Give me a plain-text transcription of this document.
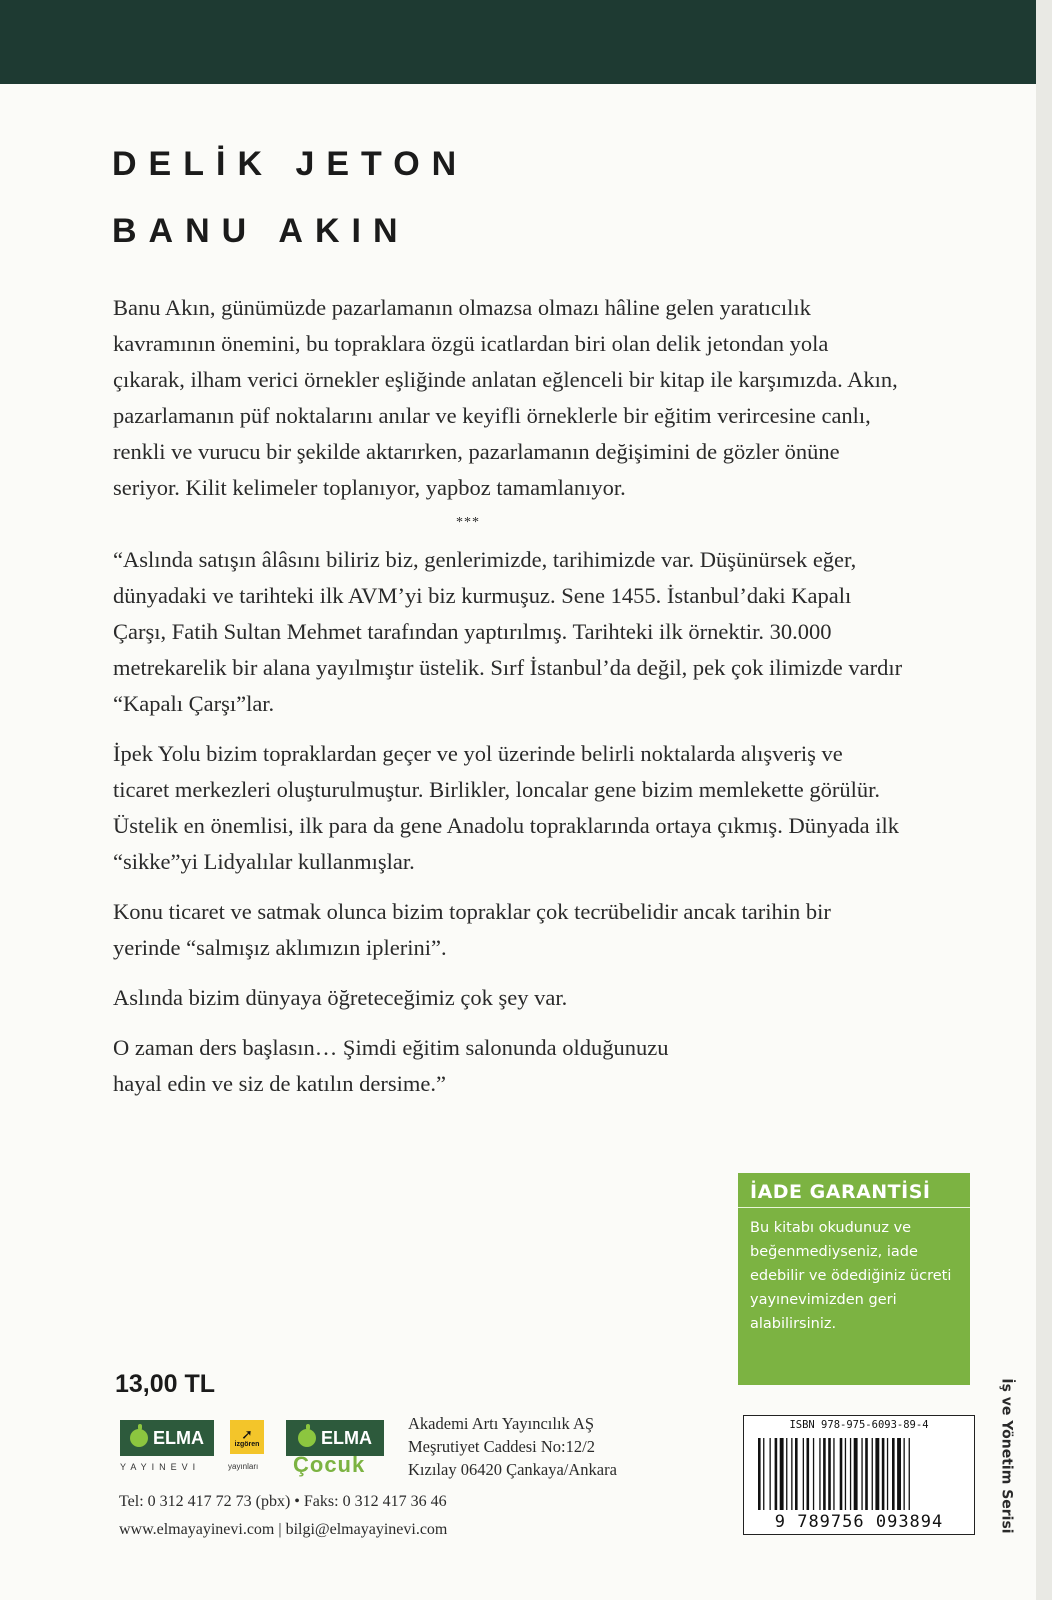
DELİK JETON
BANU AKIN

Banu Akın, günümüzde pazarlamanın olmazsa olmazı hâline gelen yaratıcılık kavramının önemini, bu topraklara özgü icatlardan biri olan delik jetondan yola çıkarak, ilham verici örnekler eşliğinde anlatan eğlenceli bir kitap ile karşımızda. Akın, pazarlamanın püf noktalarını anılar ve keyifli örneklerle bir eğitim verircesine canlı, renkli ve vurucu bir şekilde aktarırken, pazarlamanın değişimini de gözler önüne seriyor. Kilit kelimeler toplanıyor, yapboz tamamlanıyor.

***

“Aslında satışın âlâsını biliriz biz, genlerimizde, tarihimizde var. Düşünürsek eğer, dünyadaki ve tarihteki ilk AVM’yi biz kurmuşuz. Sene 1455. İstanbul’daki Kapalı Çarşı, Fatih Sultan Mehmet tarafından yaptırılmış. Tarihteki ilk örnektir. 30.000 metrekarelik bir alana yayılmıştır üstelik. Sırf İstanbul’da değil, pek çok ilimizde vardır “Kapalı Çarşı”lar.

İpek Yolu bizim topraklardan geçer ve yol üzerinde belirli noktalarda alışveriş ve ticaret merkezleri oluşturulmuştur. Birlikler, loncalar gene bizim memlekette görülür. Üstelik en önemlisi, ilk para da gene Anadolu topraklarında ortaya çıkmış. Dünyada ilk “sikke”yi Lidyalılar kullanmışlar.

Konu ticaret ve satmak olunca bizim topraklar çok tecrübelidir ancak tarihin bir yerinde “salmışız aklımızın iplerini”.

Aslında bizim dünyaya öğreteceğimiz çok şey var.

O zaman ders başlasın… Şimdi eğitim salonunda olduğunuzu hayal edin ve siz de katılın dersime.”

İADE GARANTİSİ

Bu kitabı okudunuz ve beğenmediyseniz, iade edebilir ve ödediğiniz ücreti yayınevimizden geri alabilirsiniz.

İş ve Yönetim Serisi
13,00 TL
ELMA
YAYINEVI
➚
izgören
yayınları
ELMA
Çocuk
Akademi Artı Yayıncılık AŞ
Meşrutiyet Caddesi No:12/2
Kızılay 06420 Çankaya/Ankara
Tel: 0 312 417 72 73 (pbx) • Faks: 0 312 417 36 46
www.elmayayinevi.com | bilgi@elmayayinevi.com
ISBN 978-975-6093-89-4
9 789756 093894
